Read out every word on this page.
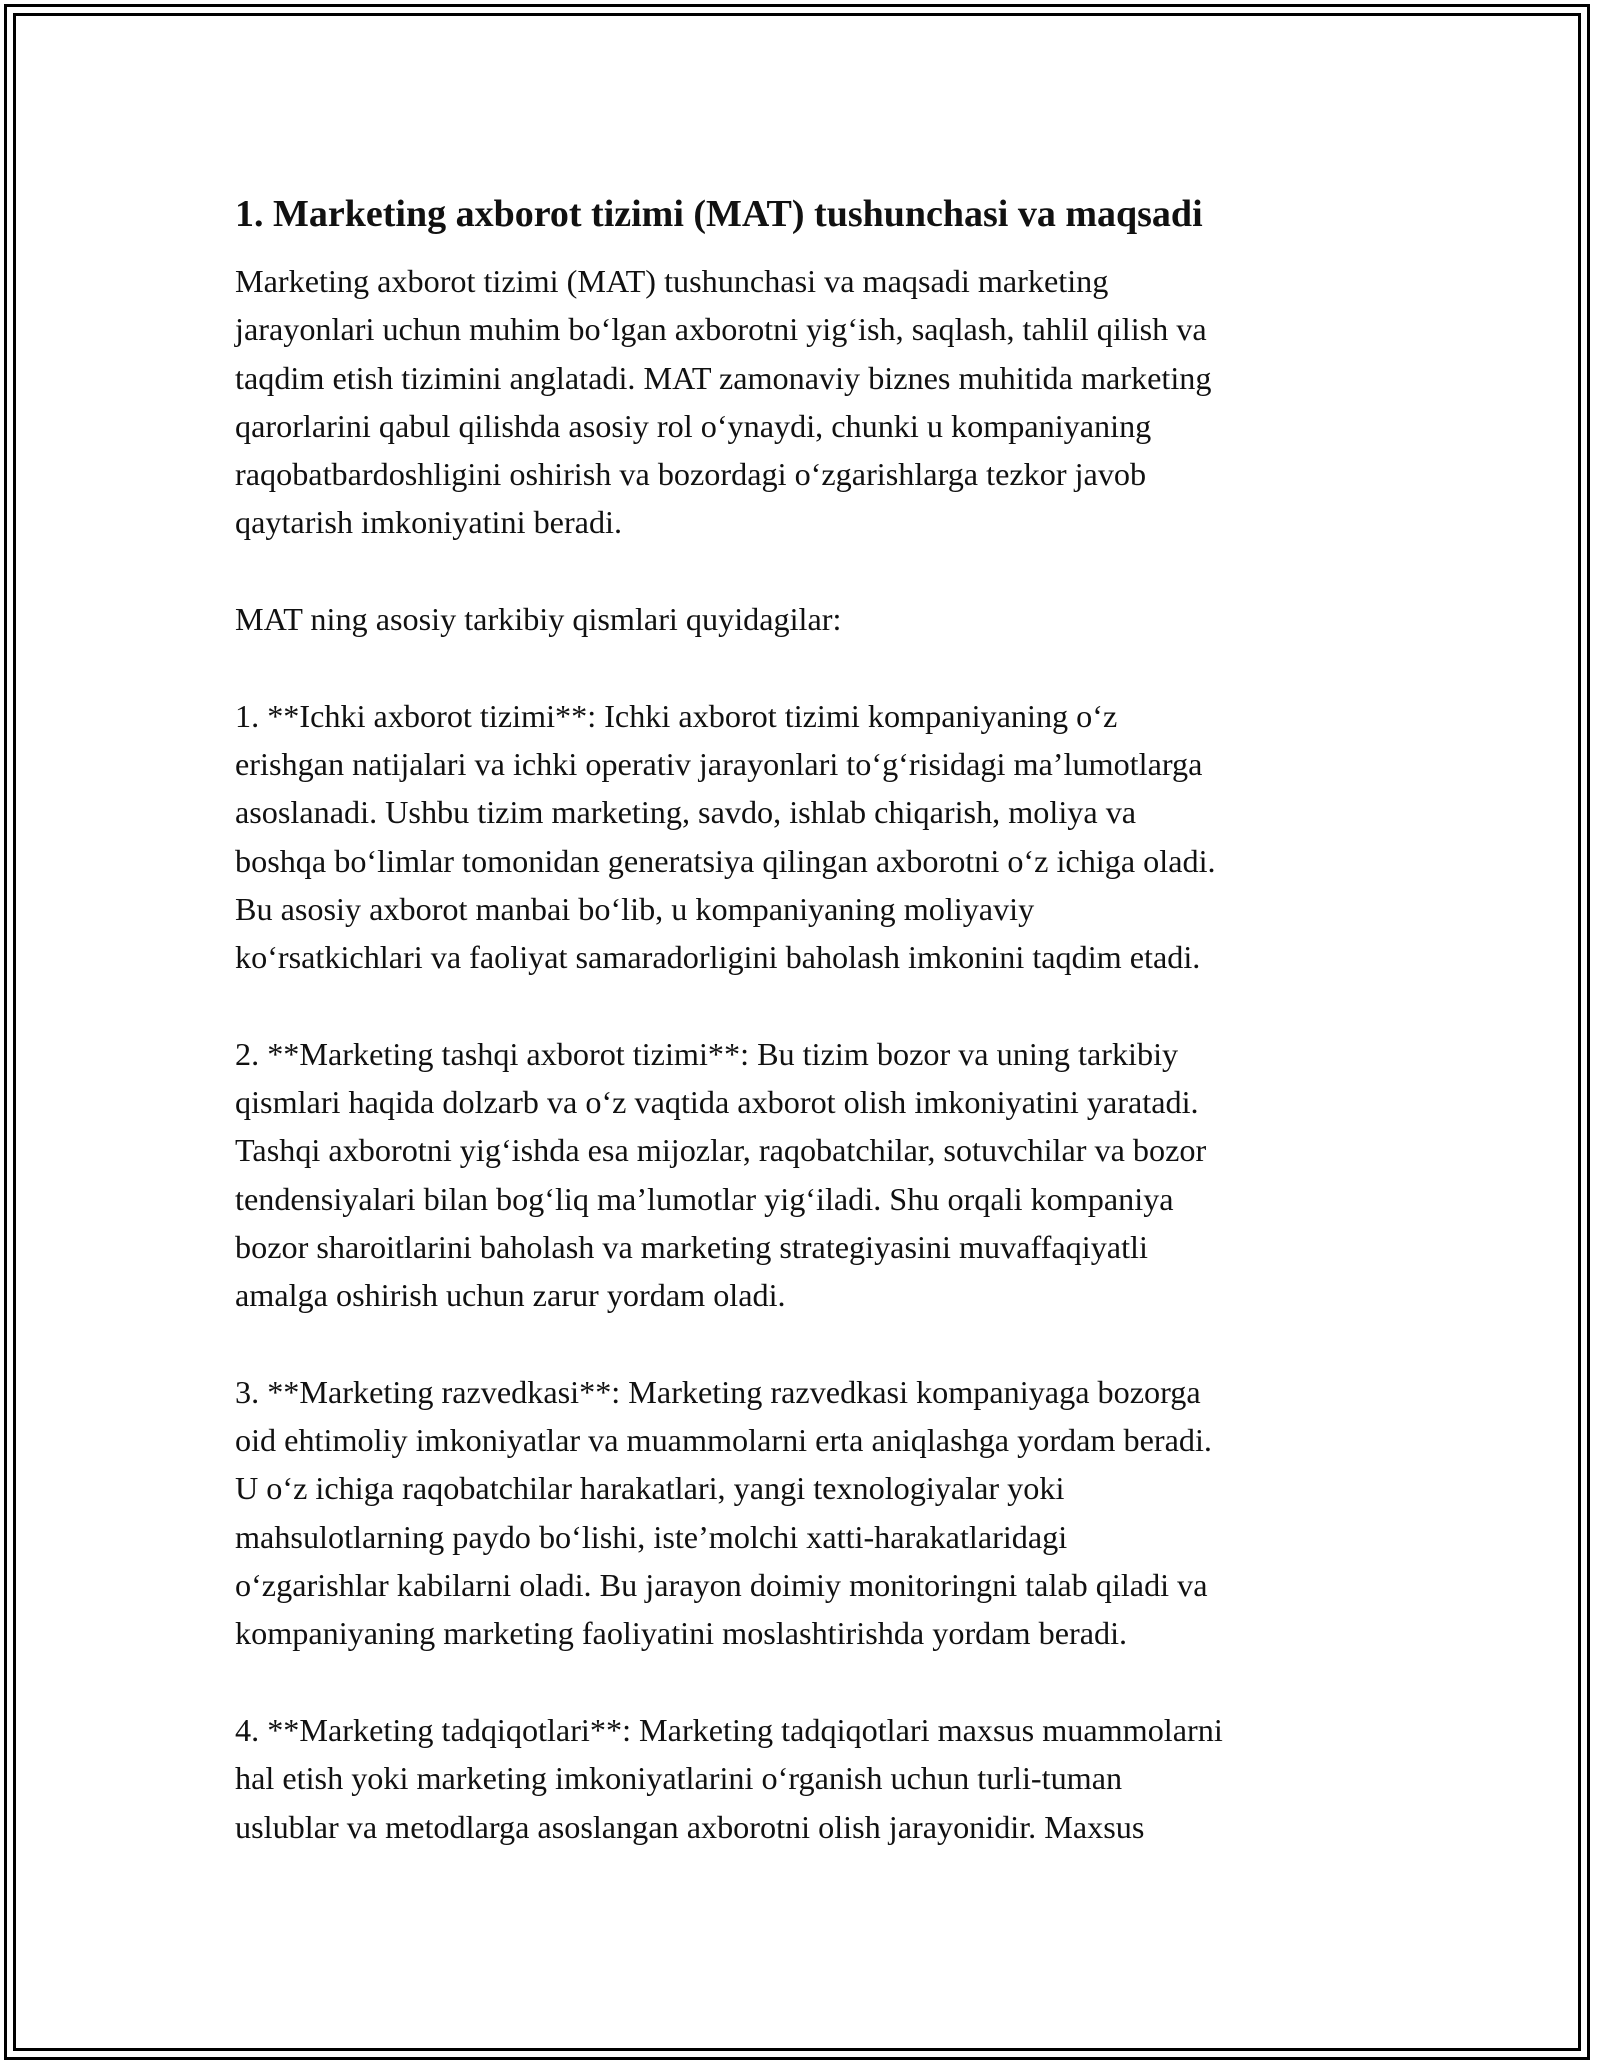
1. Marketing axborot tizimi (MAT) tushunchasi va maqsadi

Marketing axborot tizimi (MAT) tushunchasi va maqsadi marketing
jarayonlari uchun muhim bo‘lgan axborotni yig‘ish, saqlash, tahlil qilish va
taqdim etish tizimini anglatadi. MAT zamonaviy biznes muhitida marketing
qarorlarini qabul qilishda asosiy rol o‘ynaydi, chunki u kompaniyaning
raqobatbardoshligini oshirish va bozordagi o‘zgarishlarga tezkor javob
qaytarish imkoniyatini beradi.

MAT ning asosiy tarkibiy qismlari quyidagilar:

1. **Ichki axborot tizimi**: Ichki axborot tizimi kompaniyaning o‘z
erishgan natijalari va ichki operativ jarayonlari to‘g‘risidagi ma’lumotlarga
asoslanadi. Ushbu tizim marketing, savdo, ishlab chiqarish, moliya va
boshqa bo‘limlar tomonidan generatsiya qilingan axborotni o‘z ichiga oladi.
Bu asosiy axborot manbai bo‘lib, u kompaniyaning moliyaviy
ko‘rsatkichlari va faoliyat samaradorligini baholash imkonini taqdim etadi.

2. **Marketing tashqi axborot tizimi**: Bu tizim bozor va uning tarkibiy
qismlari haqida dolzarb va o‘z vaqtida axborot olish imkoniyatini yaratadi.
Tashqi axborotni yig‘ishda esa mijozlar, raqobatchilar, sotuvchilar va bozor
tendensiyalari bilan bog‘liq ma’lumotlar yig‘iladi. Shu orqali kompaniya
bozor sharoitlarini baholash va marketing strategiyasini muvaffaqiyatli
amalga oshirish uchun zarur yordam oladi.

3. **Marketing razvedkasi**: Marketing razvedkasi kompaniyaga bozorga
oid ehtimoliy imkoniyatlar va muammolarni erta aniqlashga yordam beradi.
U o‘z ichiga raqobatchilar harakatlari, yangi texnologiyalar yoki
mahsulotlarning paydo bo‘lishi, iste’molchi xatti-harakatlaridagi
o‘zgarishlar kabilarni oladi. Bu jarayon doimiy monitoringni talab qiladi va
kompaniyaning marketing faoliyatini moslashtirishda yordam beradi.

4. **Marketing tadqiqotlari**: Marketing tadqiqotlari maxsus muammolarni
hal etish yoki marketing imkoniyatlarini o‘rganish uchun turli-tuman
uslublar va metodlarga asoslangan axborotni olish jarayonidir. Maxsus
